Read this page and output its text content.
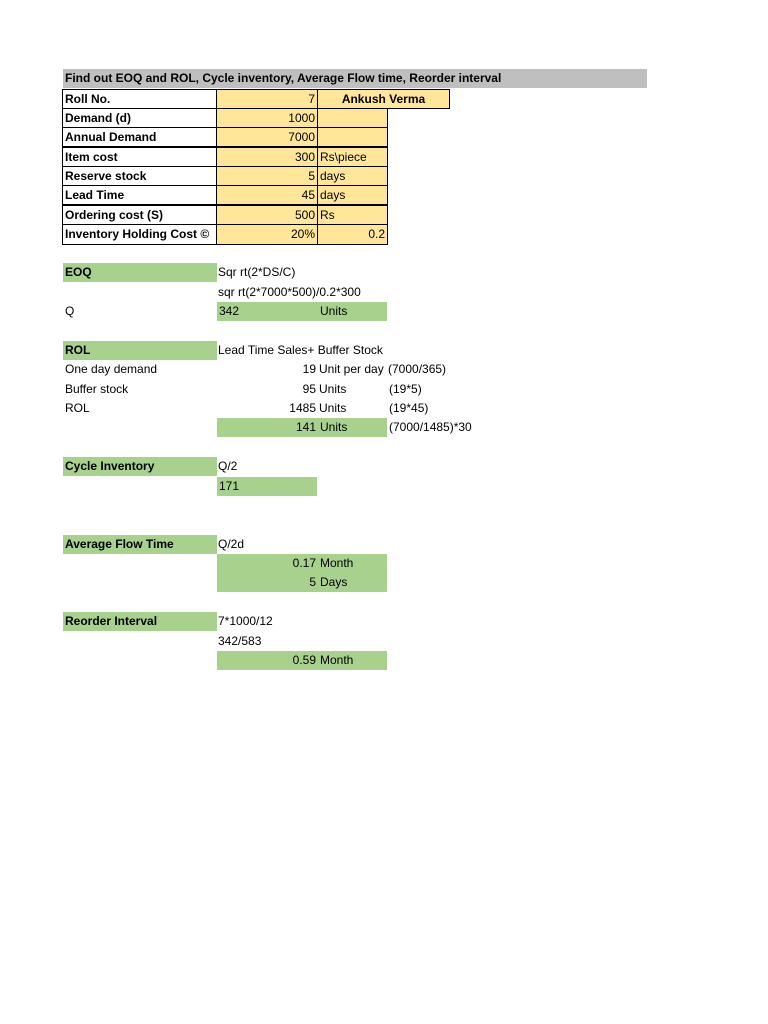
Find out EOQ and ROL, Cycle inventory, Average Flow time, Reorder interval
Roll No.	7	Ankush Verma
Demand (d)	1000
Annual Demand	7000
Item cost	300 Rs\piece
Reserve stock	5 days
Lead Time	45 days
Ordering cost (S)	500 Rs
Inventory Holding Cost ©	20%	0.2
EOQ	Sqr rt(2*DS/C)
sqr rt(2*7000*500)/0.2*300
Q	342	Units
ROL	Lead Time Sales+ Buffer Stock
One day demand	19 Unit per day (7000/365)
Buffer stock	95 Units	(19*5)
ROL	1485 Units	(19*45)
141 Units	(7000/1485)*30
Cycle Inventory	Q/2
171
Average Flow Time	Q/2d
0.17 Month
5 Days
Reorder Interval	7*1000/12
342/583
0.59 Month
